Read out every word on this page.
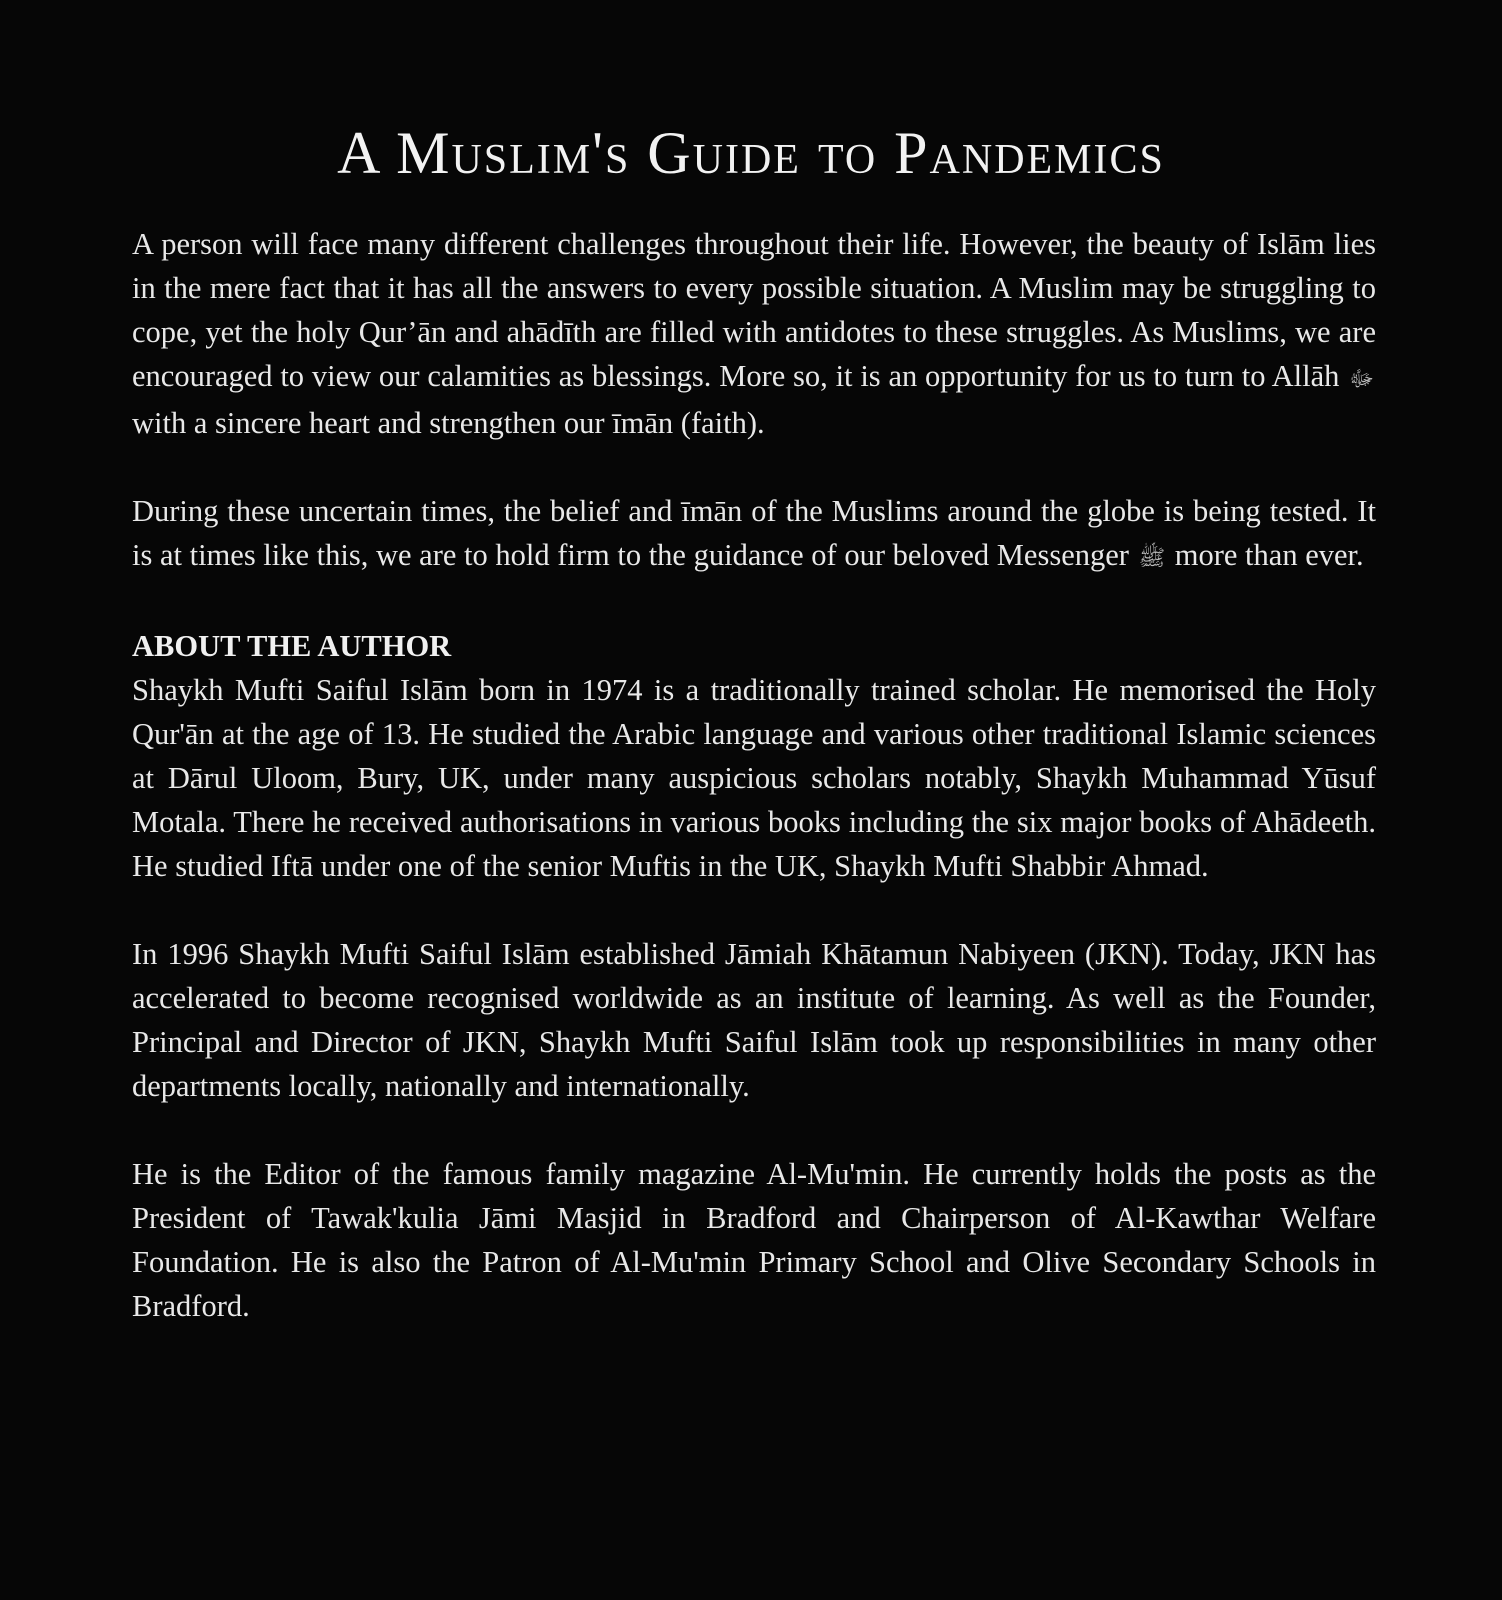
A Muslim's Guide to Pandemics

A person will face many different challenges throughout their life. However, the beauty of Islām lies in the mere fact that it has all the answers to every possible situation. A Muslim may be struggling to cope, yet the holy Qur’ān and ahādīth are filled with antidotes to these struggles. As Muslims, we are encouraged to view our calamities as blessings. More so, it is an opportunity for us to turn to Allāh ﷻ with a sincere heart and strengthen our īmān (faith).

During these uncertain times, the belief and īmān of the Muslims around the globe is being tested. It is at times like this, we are to hold firm to the guidance of our beloved Messenger ﷺ more than ever.

ABOUT THE AUTHOR

Shaykh Mufti Saiful Islām born in 1974 is a traditionally trained scholar. He memorised the Holy Qur'ān at the age of 13. He studied the Arabic language and various other traditional Islamic sciences at Dārul Uloom, Bury, UK, under many auspicious scholars notably, Shaykh Muhammad Yūsuf Motala. There he received authorisations in various books including the six major books of Ahādeeth. He studied Iftā under one of the senior Muftis in the UK, Shaykh Mufti Shabbir Ahmad.

In 1996 Shaykh Mufti Saiful Islām established Jāmiah Khātamun Nabiyeen (JKN). Today, JKN has accelerated to become recognised worldwide as an institute of learning. As well as the Founder, Principal and Director of JKN, Shaykh Mufti Saiful Islām took up responsibilities in many other departments locally, nationally and internationally.

He is the Editor of the famous family magazine Al-Mu'min. He currently holds the posts as the President of Tawak'kulia Jāmi Masjid in Bradford and Chairperson of Al-Kawthar Welfare Foundation. He is also the Patron of Al-Mu'min Primary School and Olive Secondary Schools in Bradford.
